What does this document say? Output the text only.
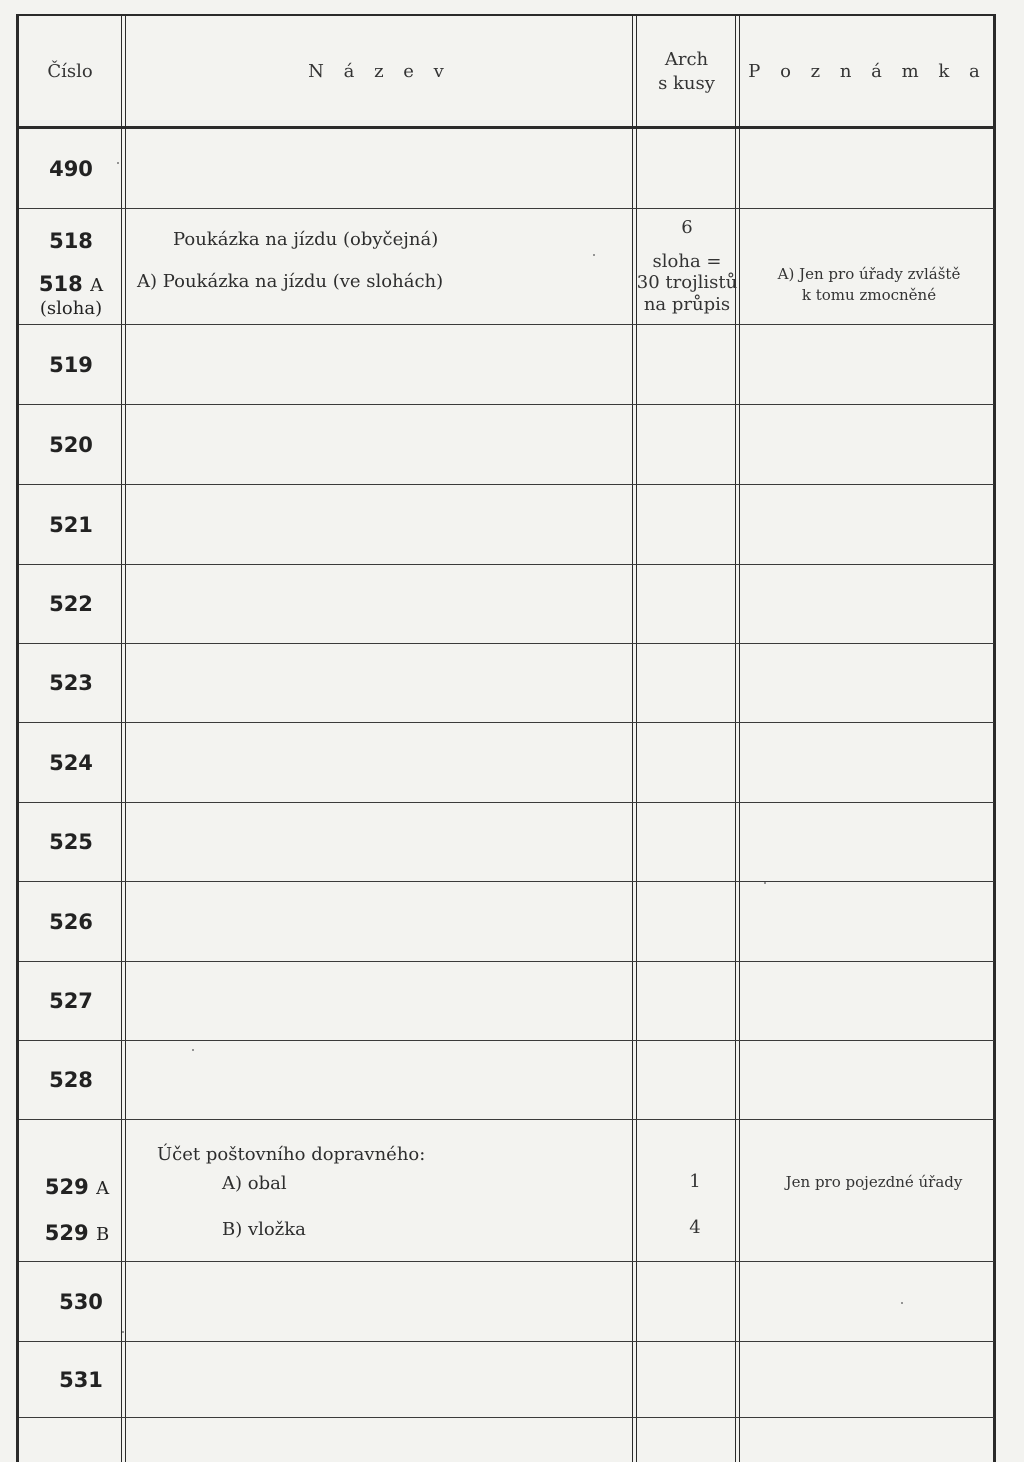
Číslo	N á z e v
Arch
s kusy
P o z n á m k a
490
518
518 A
(sloha)
Poukázka na jízdu (obyčejná)
A) Poukázka na jízdu (ve slohách)
6
sloha =
30 trojlistů
na průpis
A) Jen pro úřady zvláště
k tomu zmocněné
519
520
521
522
523
524
525
526
527
528
Účet poštovního dopravného:
529 A
529 B
A) obal
B) vložka
1
4
Jen pro pojezdné úřady
530
531
